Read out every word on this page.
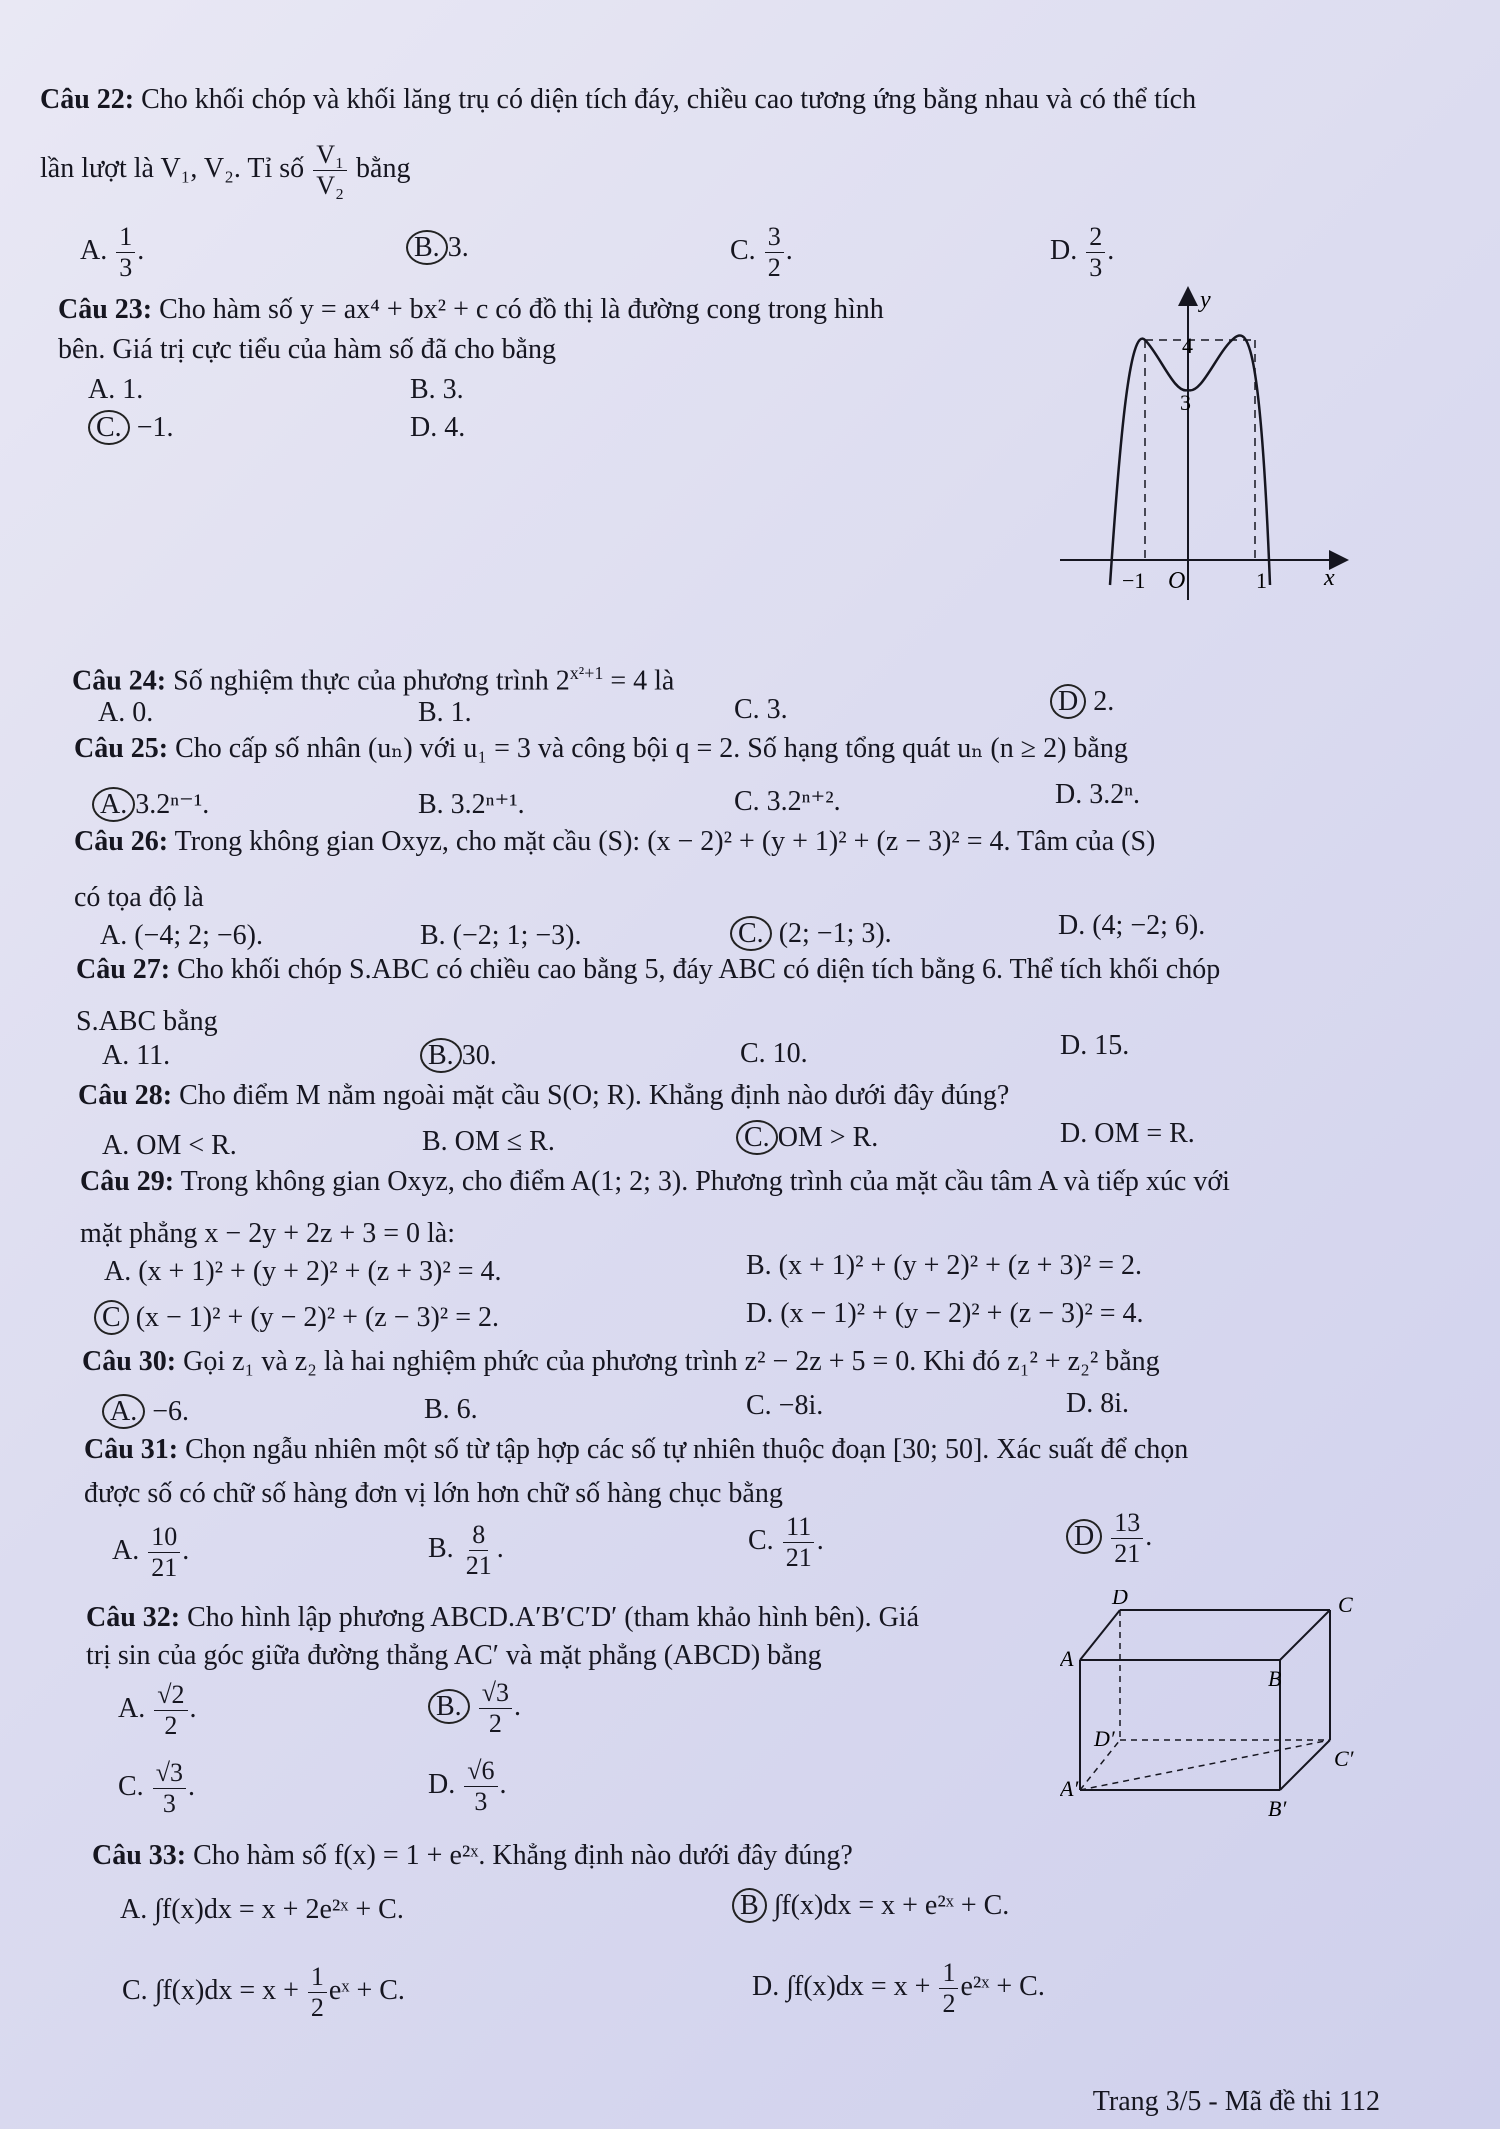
Câu 22: Cho khối chóp và khối lăng trụ có diện tích đáy, chiều cao tương ứng bằng nhau và có thể tích
lần lượt là V₁, V₂. Tỉ số $\frac{\text{V₁}}{\text{V₂}}$ bằng
A. $\frac{1}{3}$ .	B. 3.	C. $\frac{3}{2}$ .	D. $\frac{2}{3}$ .
Câu 23: Cho hàm số y = ax⁴ + bx² + c có đồ thị là đường cong trong hình
bên. Giá trị cực tiểu của hàm số đã cho bằng
A. 1.	B. 3.
C. −1.	D. 4.
y
x
O
4
3
−1	1
Câu 24: Số nghiệm thực của phương trình $2^{x^2+1} = 4$ là
A. 0.	B. 1.	C. 3.	D 2.
Câu 25: Cho cấp số nhân (uₙ) với u₁ = 3 và công bội q = 2. Số hạng tổng quát uₙ (n ≥ 2) bằng
A. 3.2ⁿ⁻¹.	B. 3.2ⁿ⁺¹.	C. 3.2ⁿ⁺².	D. 3.2ⁿ.
Câu 26: Trong không gian Oxyz, cho mặt cầu (S): (x − 2)² + (y + 1)² + (z − 3)² = 4. Tâm của (S)
có tọa độ là
A. (−4; 2; −6).	B. (−2; 1; −3).	C. (2; −1; 3).	D. (4; −2; 6).
Câu 27: Cho khối chóp S.ABC có chiều cao bằng 5, đáy ABC có diện tích bằng 6. Thể tích khối chóp
S.ABC bằng
A. 11.	B. 30.	C. 10.	D. 15.
Câu 28: Cho điểm M nằm ngoài mặt cầu S(O; R). Khẳng định nào dưới đây đúng?
A. OM < R.	B. OM ≤ R.	C. OM > R.	D. OM = R.
Câu 29: Trong không gian Oxyz, cho điểm A(1; 2; 3). Phương trình của mặt cầu tâm A và tiếp xúc với
mặt phẳng x − 2y + 2z + 3 = 0 là:
A. (x + 1)² + (y + 2)² + (z + 3)² = 4.	B. (x + 1)² + (y + 2)² + (z + 3)² = 2.
C (x − 1)² + (y − 2)² + (z − 3)² = 2.	D. (x − 1)² + (y − 2)² + (z − 3)² = 4.
Câu 30: Gọi z₁ và z₂ là hai nghiệm phức của phương trình z² − 2z + 5 = 0. Khi đó z₁² + z₂² bằng
A. −6.	B. 6.	C. −8i.	D. 8i.
Câu 31: Chọn ngẫu nhiên một số từ tập hợp các số tự nhiên thuộc đoạn [30; 50]. Xác suất để chọn
được số có chữ số hàng đơn vị lớn hơn chữ số hàng chục bằng
A. $\frac{10}{21}$ .	B. $\frac{8}{21}$ .	C. $\frac{11}{21}$ .	D $\frac{13}{21}$ .
Câu 32: Cho hình lập phương ABCD.A′B′C′D′ (tham khảo hình bên). Giá
trị sin của góc giữa đường thẳng AC′ và mặt phẳng (ABCD) bằng
A. $\frac{√2}{2}$ .	B. $\frac{√3}{2}$ .
C. $\frac{√3}{3}$ .	D. $\frac{√6}{3}$ .
D	C
A
B
D′
C′
A′
B′
Câu 33: Cho hàm số f(x) = 1 + e²ˣ. Khẳng định nào dưới đây đúng?
A. ∫f(x)dx = x + 2e²ˣ + C.	B ∫f(x)dx = x + e²ˣ + C.
C. $\int f(x)dx = x + \frac{1}{2}$ eˣ + C.	D. $\int f(x)dx = x + \frac{1}{2}$ e²ˣ + C.
Trang 3/5 - Mã đề thi 112
